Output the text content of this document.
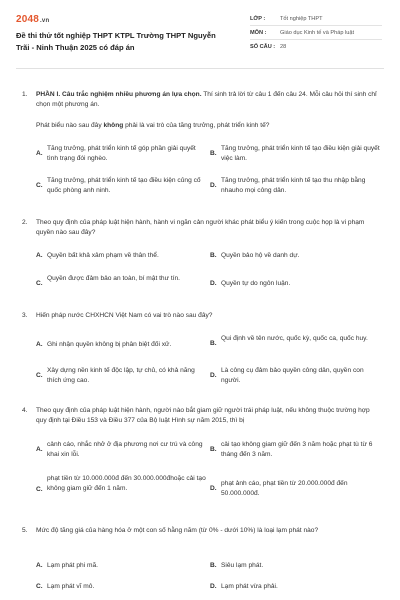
2048.vn
Đề thi thử tốt nghiệp THPT KTPL Trường THPT Nguyễn Trãi - Ninh Thuận 2025 có đáp án
LỚP :	Tốt nghiệp THPT
MÔN :	Giáo dục Kinh tế và Pháp luật
SỐ CÂU : 28
1. PHẦN I. Câu trắc nghiệm nhiều phương án lựa chọn. Thí sinh trả lời từ câu 1 đến câu 24. Mỗi câu hỏi thí sinh chỉ chọn một phương án.
Phát biểu nào sau đây không phải là vai trò của tăng trưởng, phát triển kinh tế?
A.
Tăng trưởng, phát triển kinh tế góp phần giải quyết tình trạng đói nghèo.
B.
Tăng trưởng, phát triển kinh tế tạo điều kiện giải quyết việc làm.
C.
Tăng trưởng, phát triển kinh tế tạo điều kiện củng cố quốc phòng anh ninh.
D.
Tăng trưởng, phát triển kinh tế tạo thu nhập bằng nhauho mọi công dân.
2. Theo quy định của pháp luật hiện hành, hành vi ngăn cản người khác phát biểu ý kiến trong cuộc họp là vi phạm quyền nào sau đây?
A. Quyền bất khả xâm phạm về thân thể.	B. Quyền bảo hộ về danh dự.
C.
Quyền được đảm bảo an toàn, bí mật thư tín.
D. Quyền tự do ngôn luận.
3. Hiến pháp nước CHXHCN Việt Nam có vai trò nào sau đây?
A. Ghi nhận quyền không bị phân biệt đối xử.	B.
Qui định về tên nước, quốc kỳ, quốc ca, quốc huy.
C.
Xây dựng nền kinh tế độc lập, tự chủ, có khả năng thích ứng cao.
D.
Là công cụ đảm bảo quyền công dân, quyền con người.
4. Theo quy định của pháp luật hiện hành, người nào bắt giam giữ người trái pháp luật, nếu không thuộc trường hợp quy định tại Điều 153 và Điều 377 của Bộ luật Hình sự năm 2015, thì bị
A.
cảnh cáo, nhắc nhở ở địa phương nơi cư trú và công khai xin lỗi.
B.
cải tạo không giam giữ đến 3 năm hoặc phạt tù từ 6 tháng đến 3 năm.
C.
phạt tiền từ 10.000.000đ đến 30.000.000đhoặc cải tạo không giam giữ đến 1 năm.	D.
phạt ảnh cáo, phạt tiền từ 20.000.000đ đến 50.000.000đ.
5. Mức độ tăng giá của hàng hóa ở một con số hằng năm (từ 0% - dưới 10%) là loại lạm phát nào?
A. Lạm phát phi mã.	B. Siêu lạm phát.
C. Lạm phát vĩ mô.	D. Lạm phát vừa phải.
